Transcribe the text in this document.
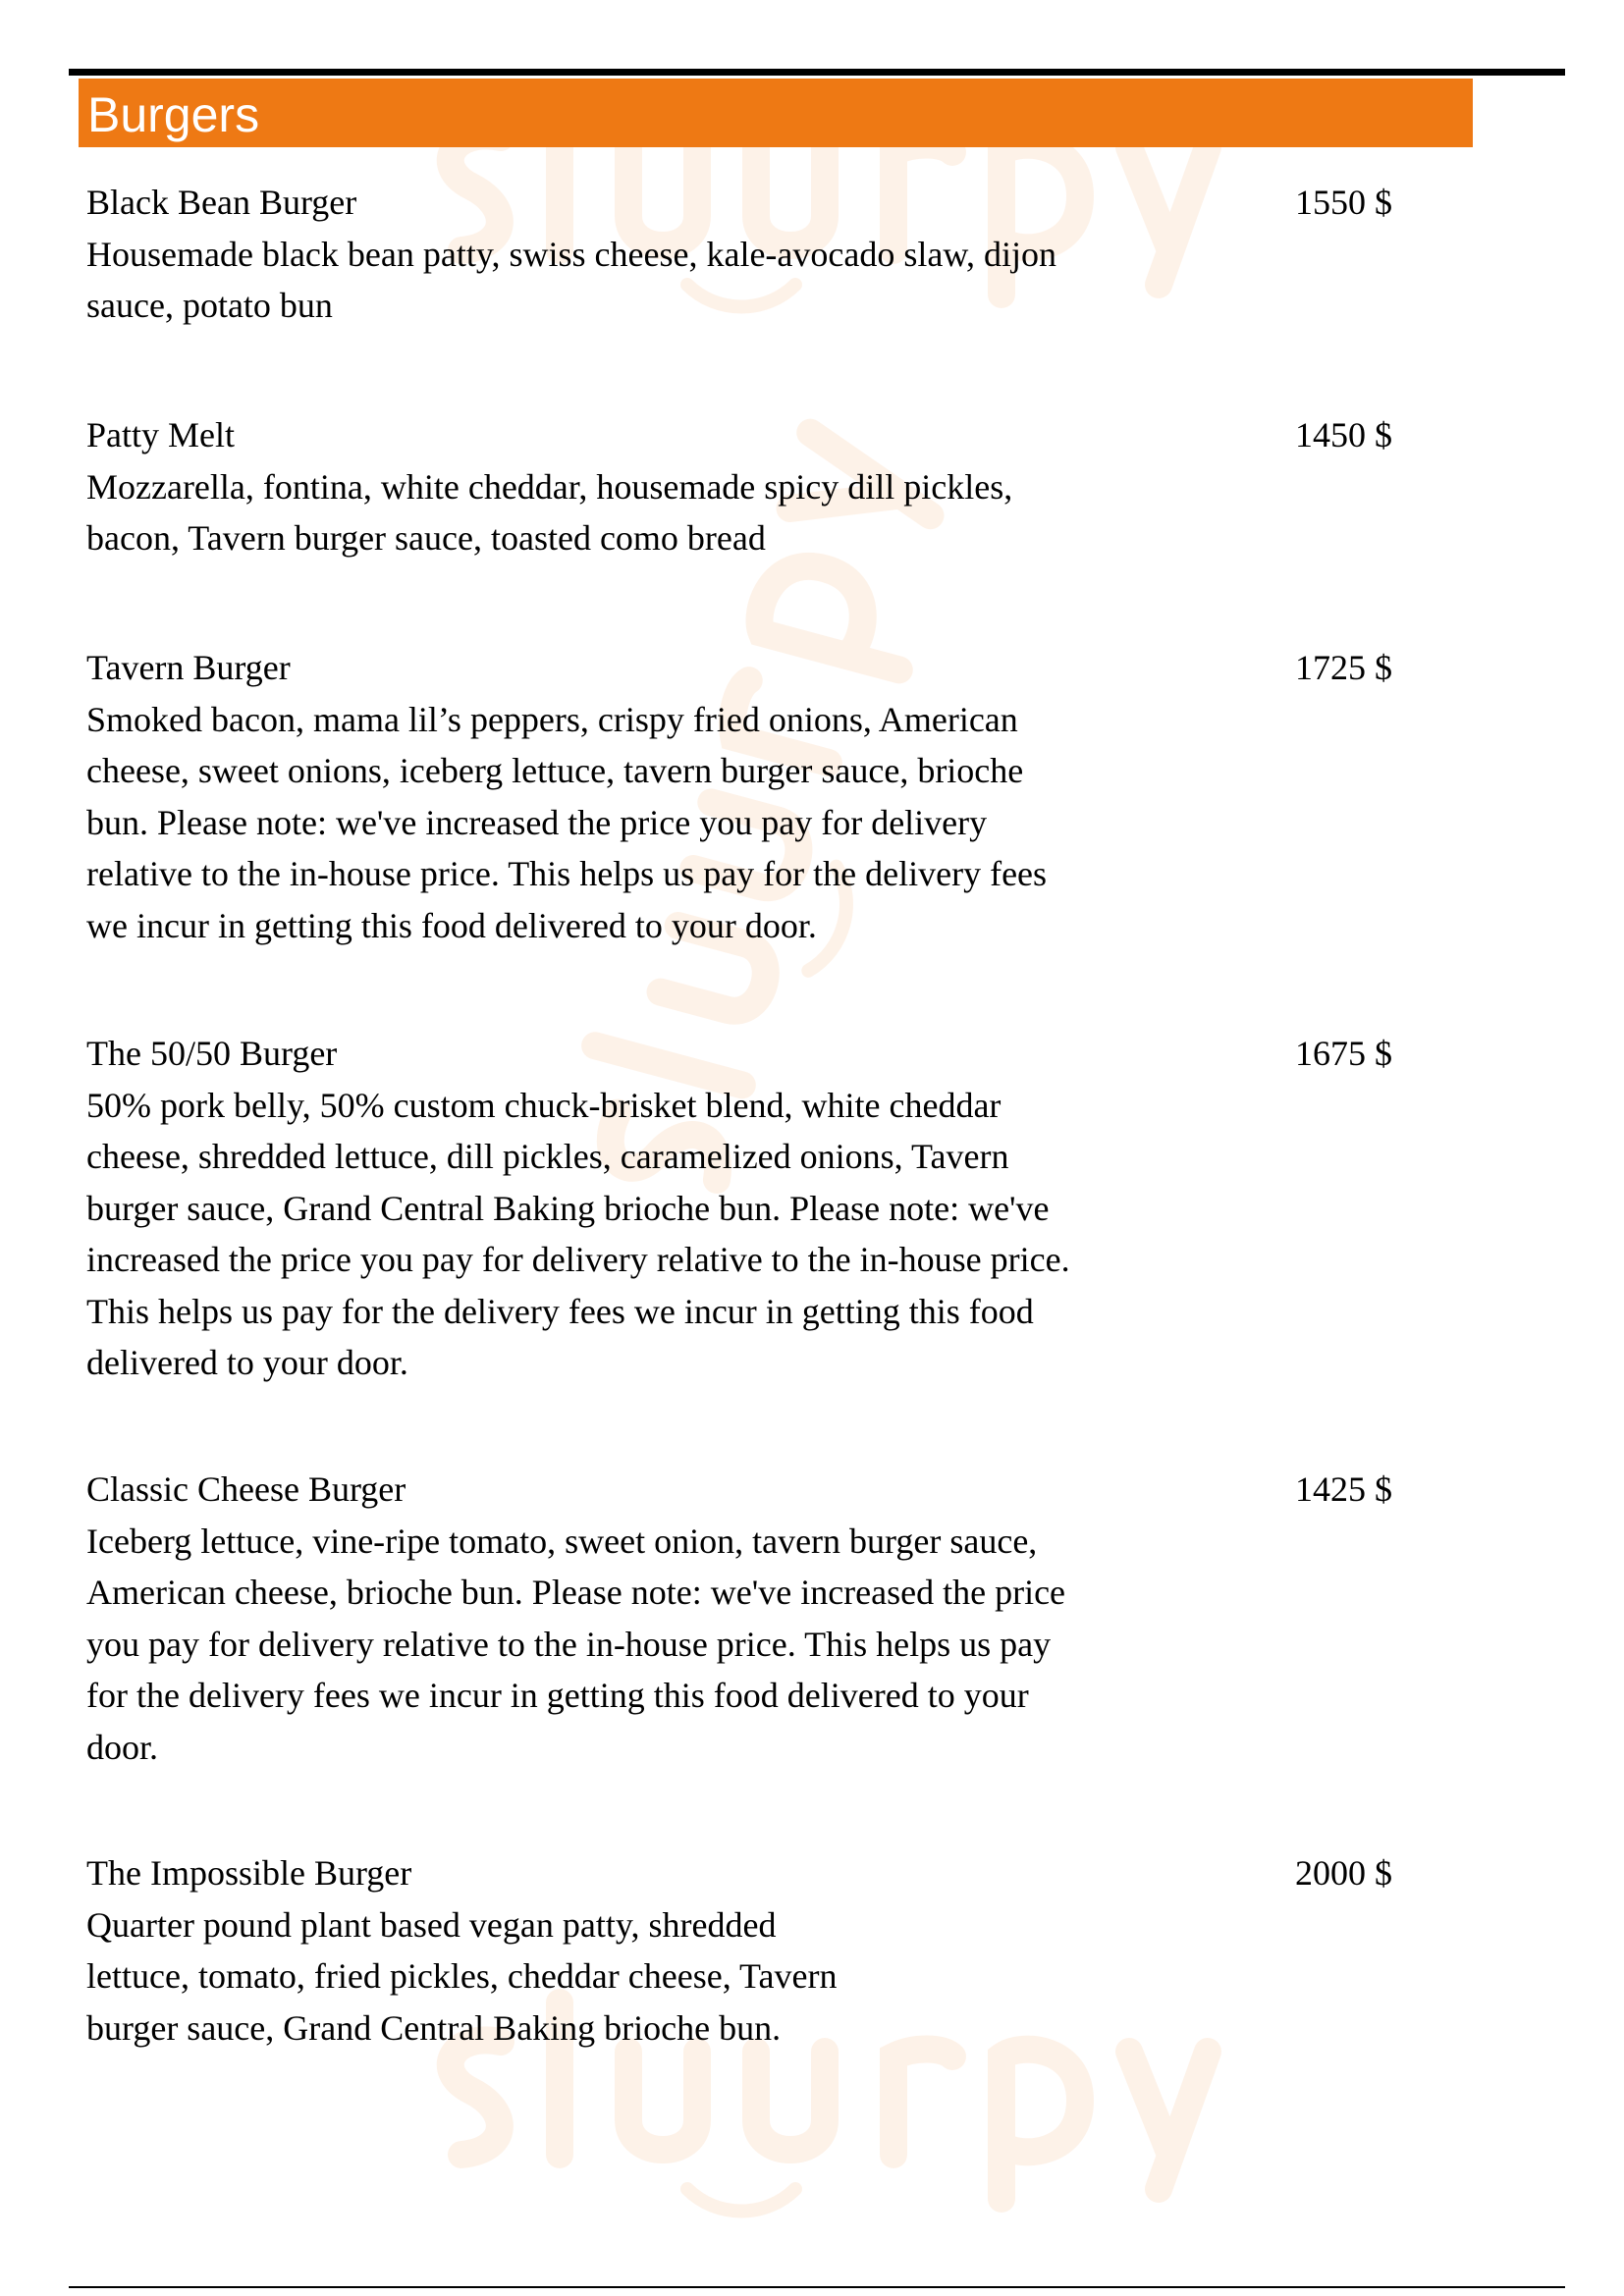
Burgers
Black Bean Burger
Housemade black bean patty, swiss cheese, kale-avocado slaw, dijon
sauce, potato bun
1550 $
Patty Melt
Mozzarella, fontina, white cheddar, housemade spicy dill pickles,
bacon, Tavern burger sauce, toasted como bread
1450 $
Tavern Burger
Smoked bacon, mama lil’s peppers, crispy fried onions, American
cheese, sweet onions, iceberg lettuce, tavern burger sauce, brioche
bun. Please note: we've increased the price you pay for delivery
relative to the in-house price. This helps us pay for the delivery fees
we incur in getting this food delivered to your door.
1725 $
The 50/50 Burger
50% pork belly, 50% custom chuck-brisket blend, white cheddar
cheese, shredded lettuce, dill pickles, caramelized onions, Tavern
burger sauce, Grand Central Baking brioche bun. Please note: we've
increased the price you pay for delivery relative to the in-house price.
This helps us pay for the delivery fees we incur in getting this food
delivered to your door.
1675 $
Classic Cheese Burger
Iceberg lettuce, vine-ripe tomato, sweet onion, tavern burger sauce,
American cheese, brioche bun. Please note: we've increased the price
you pay for delivery relative to the in-house price. This helps us pay
for the delivery fees we incur in getting this food delivered to your
door.
1425 $
The Impossible Burger
Quarter pound plant based vegan patty, shredded
lettuce, tomato, fried pickles, cheddar cheese, Tavern
burger sauce, Grand Central Baking brioche bun.
2000 $
